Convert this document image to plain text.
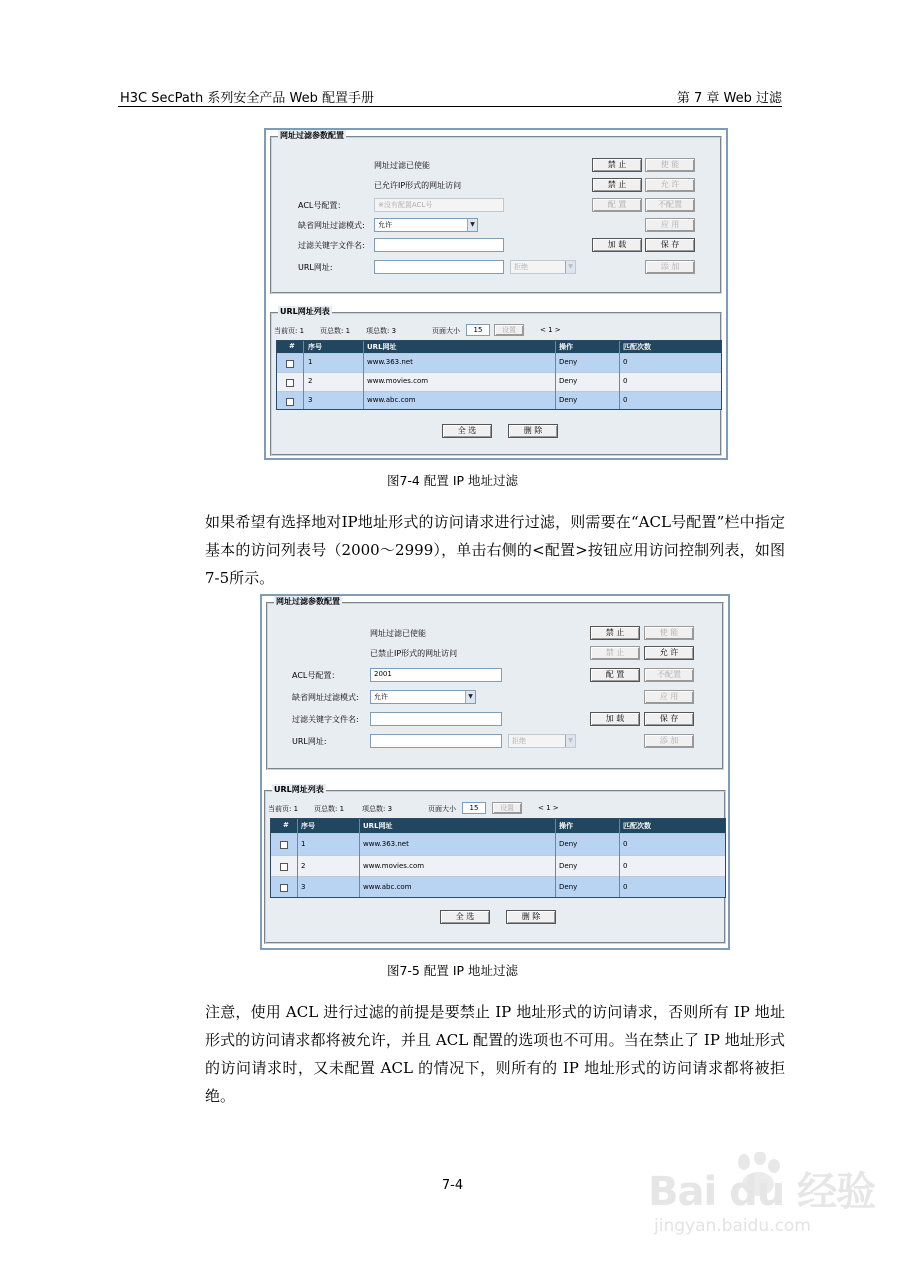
H3C SecPath 系列安全产品 Web 配置手册	第 7 章 Web 过滤
网址过滤参数配置
网址过滤已使能
已允许IP形式的网址访问
禁 止	使 能
禁 止	允 许
ACL号配置：	※没有配置ACL号	配 置	不配置
缺省网址过滤模式:	允许	▼	应 用
过滤关键字文件名:	加 载	保 存
URL网址:	拒绝	▼	添 加
URL网址列表
当前页: 1 页总数: 1 项总数: 3	页面大小	15	设置	< 1 >
# 序号	URL网址	操作	匹配次数
1	www.363.net	Deny	0
2	www.movies.com	Deny	0
3	www.abc.com	Deny	0
全 选	删 除
图7-4 配置 IP 地址过滤
如果希望有选择地对IP地址形式的访问请求进行过滤，则需要在“ACL号配置”栏中指定基本的访问列表号（2000～2999），单击右侧的<配置>按钮应用访问控制列表，如图 7-5所示。
网址过滤参数配置
网址过滤已使能
已禁止IP形式的网址访问
禁 止	使 能
禁 止	允 许
ACL号配置：	2001	配 置	不配置
缺省网址过滤模式:	允许	▼	应 用
过滤关键字文件名:	加 载	保 存
URL网址:	拒绝	▼	添 加
URL网址列表
当前页: 1 页总数: 1	项总数: 3	页面大小	15	设置	< 1 >
# 序号	URL网址	操作	匹配次数
1	www.363.net	Deny	0
2	www.movies.com	Deny	0
3	www.abc.com	Deny	0
全 选	删 除
图7-5 配置 IP 地址过滤
注意，使用 ACL 进行过滤的前提是要禁止 IP 地址形式的访问请求，否则所有 IP 地址形式的访问请求都将被允许，并且 ACL 配置的选项也不可用。当在禁止了 IP 地址形式的访问请求时，又未配置 ACL 的情况下，则所有的 IP 地址形式的访问请求都将被拒绝。
7-4	Bai du 经验
jingyan.baidu.com
